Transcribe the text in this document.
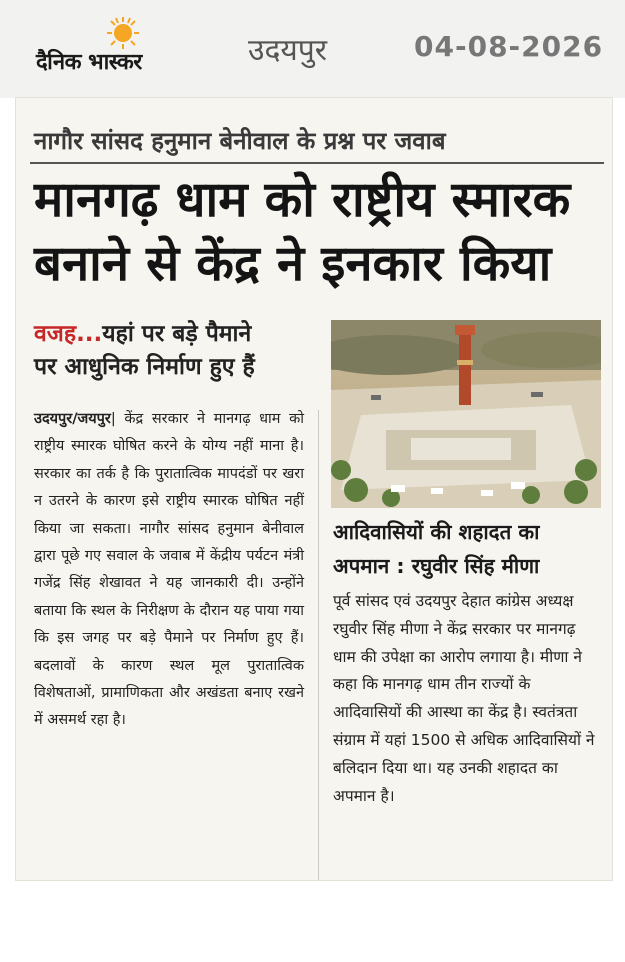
दैनिक भास्कर	उदयपुर	04-08-2026
नागौर सांसद हनुमान बेनीवाल के प्रश्न पर जवाब
मानगढ़ धाम को राष्ट्रीय स्मारक
बनाने से केंद्र ने इनकार किया
वजह...यहां पर बड़े पैमाने
पर आधुनिक निर्माण हुए हैं
उदयपुर/जयपुर| केंद्र सरकार ने मानगढ़ धाम को राष्ट्रीय स्मारक घोषित करने के योग्य नहीं माना है। सरकार का तर्क है कि पुरातात्विक मापदंडों पर खरा न उतरने के कारण इसे राष्ट्रीय स्मारक घोषित नहीं किया जा सकता। नागौर सांसद हनुमान बेनीवाल द्वारा पूछे गए सवाल के जवाब में केंद्रीय पर्यटन मंत्री गजेंद्र सिंह शेखावत ने यह जानकारी दी। उन्होंने बताया कि स्थल के निरीक्षण के दौरान यह पाया गया कि इस जगह पर बड़े पैमाने पर निर्माण हुए हैं। बदलावों के कारण स्थल मूल पुरातात्विक विशेषताओं, प्रामाणिकता और अखंडता बनाए रखने में असमर्थ रहा है।
आदिवासियों की शहादत का
अपमान : रघुवीर सिंह मीणा
पूर्व सांसद एवं उदयपुर देहात कांग्रेस अध्यक्ष रघुवीर सिंह मीणा ने केंद्र सरकार पर मानगढ़ धाम की उपेक्षा का आरोप लगाया है। मीणा ने कहा कि मानगढ़ धाम तीन राज्यों के आदिवासियों की आस्था का केंद्र है। स्वतंत्रता संग्राम में यहां 1500 से अधिक आदिवासियों ने बलिदान दिया था। यह उनकी शहादत का अपमान है।
